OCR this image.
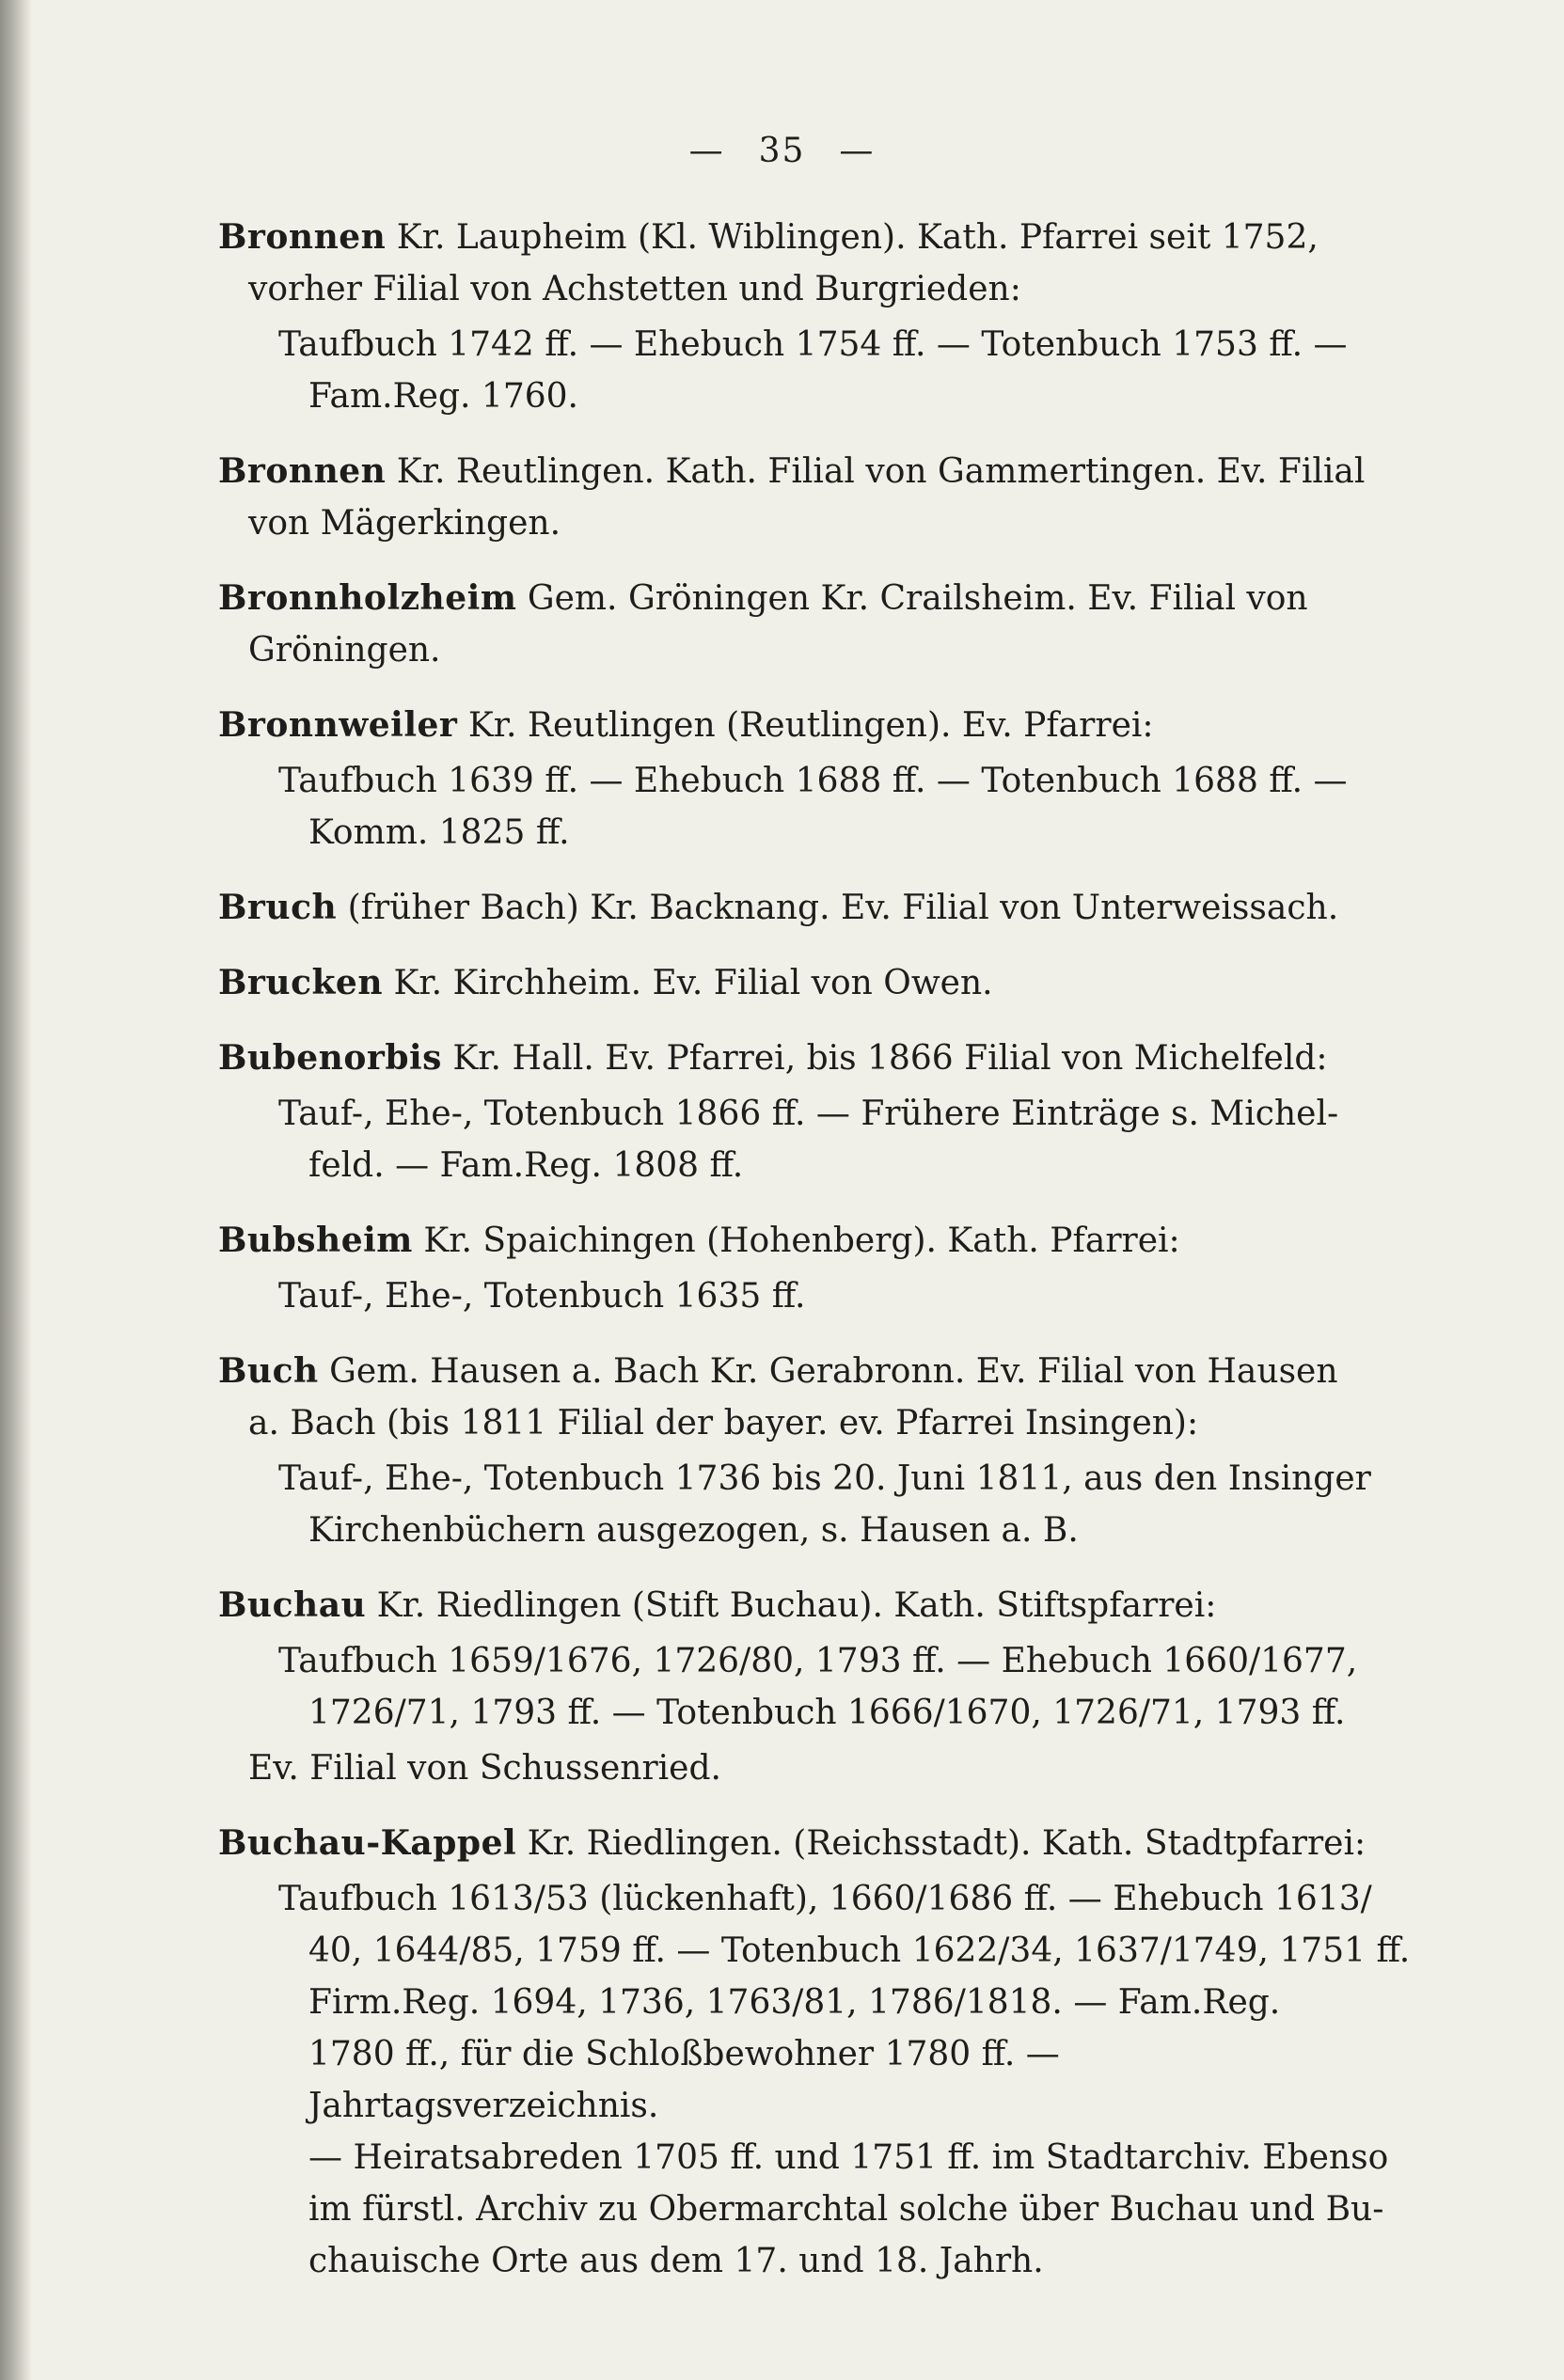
— 35 —
Bronnen Kr. Laupheim (Kl. Wiblingen). Kath. Pfarrei seit 1752,
vorher Filial von Achstetten und Burgrieden:
Taufbuch 1742 ff. — Ehebuch 1754 ff. — Totenbuch 1753 ff. —
Fam.Reg. 1760.
Bronnen Kr. Reutlingen. Kath. Filial von Gammertingen. Ev. Filial
von Mägerkingen.
Bronnholzheim Gem. Gröningen Kr. Crailsheim. Ev. Filial von
Gröningen.
Bronnweiler Kr. Reutlingen (Reutlingen). Ev. Pfarrei:
Taufbuch 1639 ff. — Ehebuch 1688 ff. — Totenbuch 1688 ff. —
Komm. 1825 ff.
Bruch (früher Bach) Kr. Backnang. Ev. Filial von Unterweissach.
Brucken Kr. Kirchheim. Ev. Filial von Owen.
Bubenorbis Kr. Hall. Ev. Pfarrei, bis 1866 Filial von Michelfeld:
Tauf-, Ehe-, Totenbuch 1866 ff. — Frühere Einträge s. Michel-
feld. — Fam.Reg. 1808 ff.
Bubsheim Kr. Spaichingen (Hohenberg). Kath. Pfarrei:
Tauf-, Ehe-, Totenbuch 1635 ff.
Buch Gem. Hausen a. Bach Kr. Gerabronn. Ev. Filial von Hausen
a. Bach (bis 1811 Filial der bayer. ev. Pfarrei Insingen):
Tauf-, Ehe-, Totenbuch 1736 bis 20. Juni 1811, aus den Insinger
Kirchenbüchern ausgezogen, s. Hausen a. B.
Buchau Kr. Riedlingen (Stift Buchau). Kath. Stiftspfarrei:
Taufbuch 1659/1676, 1726/80, 1793 ff. — Ehebuch 1660/1677,
1726/71, 1793 ff. — Totenbuch 1666/1670, 1726/71, 1793 ff.
Ev. Filial von Schussenried.
Buchau-Kappel Kr. Riedlingen. (Reichsstadt). Kath. Stadtpfarrei:
Taufbuch 1613/53 (lückenhaft), 1660/1686 ff. — Ehebuch 1613/
40, 1644/85, 1759 ff. — Totenbuch 1622/34, 1637/1749, 1751 ff.
Firm.Reg. 1694, 1736, 1763/81, 1786/1818. — Fam.Reg.
1780 ff., für die Schloßbewohner 1780 ff. — Jahrtagsverzeichnis.
— Heiratsabreden 1705 ff. und 1751 ff. im Stadtarchiv. Ebenso
im fürstl. Archiv zu Obermarchtal solche über Buchau und Bu-
chauische Orte aus dem 17. und 18. Jahrh.
